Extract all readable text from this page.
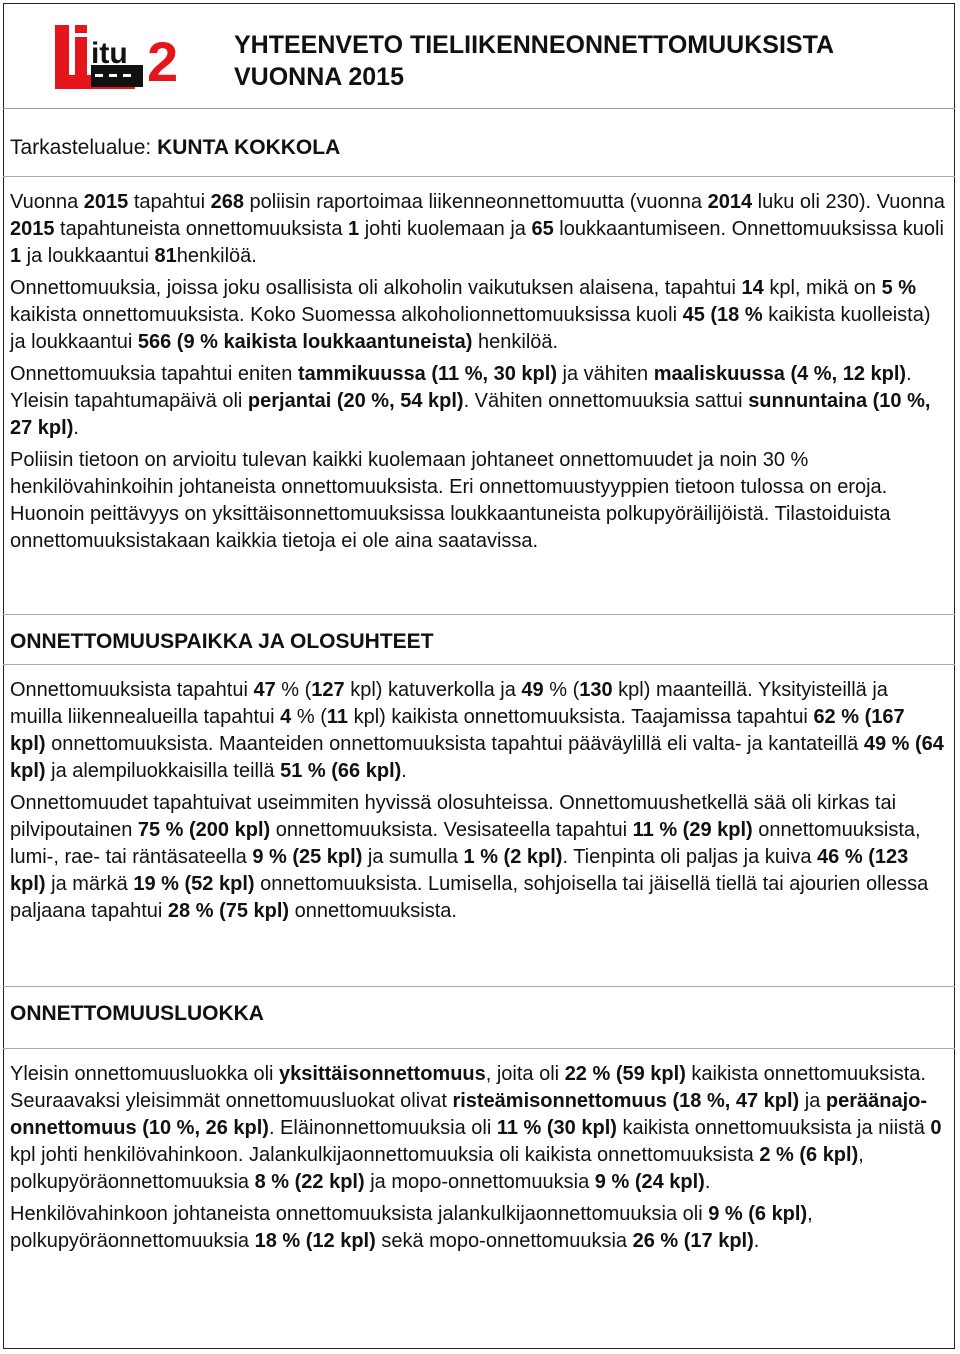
itu 2 YHTEENVETO TIELIIKENNEONNETTOMUUKSISTA VUONNA 2015
Tarkastelualue: KUNTA KOKKOLA

Vuonna 2015 tapahtui 268 poliisin raportoimaa liikenneonnettomuutta (vuonna 2014 luku oli 230). Vuonna 2015 tapahtuneista onnettomuuksista 1 johti kuolemaan ja 65 loukkaantumiseen. Onnettomuuksissa kuoli 1 ja loukkaantui 81henkilöä.

Onnettomuuksia, joissa joku osallisista oli alkoholin vaikutuksen alaisena, tapahtui 14 kpl, mikä on 5 % kaikista onnettomuuksista. Koko Suomessa alkoholionnettomuuksissa kuoli 45 (18 % kaikista kuolleista) ja loukkaantui 566 (9 % kaikista loukkaantuneista) henkilöä.

Onnettomuuksia tapahtui eniten tammikuussa (11 %, 30 kpl) ja vähiten maaliskuussa (4 %, 12 kpl). Yleisin tapahtumapäivä oli perjantai (20 %, 54 kpl). Vähiten onnettomuuksia sattui sunnuntaina (10 %, 27 kpl).

Poliisin tietoon on arvioitu tulevan kaikki kuolemaan johtaneet onnettomuudet ja noin 30 % henkilövahinkoihin johtaneista onnettomuuksista. Eri onnettomuustyyppien tietoon tulossa on eroja. Huonoin peittävyys on yksittäisonnettomuuksissa loukkaantuneista polkupyöräilijöistä. Tilastoiduista onnettomuuksistakaan kaikkia tietoja ei ole aina saatavissa.

ONNETTOMUUSPAIKKA JA OLOSUHTEET

Onnettomuuksista tapahtui 47 % (127 kpl) katuverkolla ja 49 % (130 kpl) maanteillä. Yksityisteillä ja muilla liikennealueilla tapahtui 4 % (11 kpl) kaikista onnettomuuksista. Taajamissa tapahtui 62 % (167 kpl) onnettomuuksista. Maanteiden onnettomuuksista tapahtui pääväylillä eli valta- ja kantateillä 49 % (64 kpl) ja alempiluokkaisilla teillä 51 % (66 kpl).

Onnettomuudet tapahtuivat useimmiten hyvissä olosuhteissa. Onnettomuushetkellä sää oli kirkas tai pilvipoutainen 75 % (200 kpl) onnettomuuksista. Vesisateella tapahtui 11 % (29 kpl) onnettomuuksista, lumi-, rae- tai räntäsateella 9 % (25 kpl) ja sumulla 1 % (2 kpl). Tienpinta oli paljas ja kuiva 46 % (123 kpl) ja märkä 19 % (52 kpl) onnettomuuksista. Lumisella, sohjoisella tai jäisellä tiellä tai ajourien ollessa paljaana tapahtui 28 % (75 kpl) onnettomuuksista.

ONNETTOMUUSLUOKKA

Yleisin onnettomuusluokka oli yksittäisonnettomuus, joita oli 22 % (59 kpl) kaikista onnettomuuksista. Seuraavaksi yleisimmät onnettomuusluokat olivat risteämisonnettomuus (18 %, 47 kpl) ja peräänajo-onnettomuus (10 %, 26 kpl). Eläinonnettomuuksia oli 11 % (30 kpl) kaikista onnettomuuksista ja niistä 0 kpl johti henkilövahinkoon. Jalankulkijaonnettomuuksia oli kaikista onnettomuuksista 2 % (6 kpl), polkupyöräonnettomuuksia 8 % (22 kpl) ja mopo-onnettomuuksia 9 % (24 kpl).

Henkilövahinkoon johtaneista onnettomuuksista jalankulkijaonnettomuuksia oli 9 % (6 kpl), polkupyöräonnettomuuksia 18 % (12 kpl) sekä mopo-onnettomuuksia 26 % (17 kpl).
